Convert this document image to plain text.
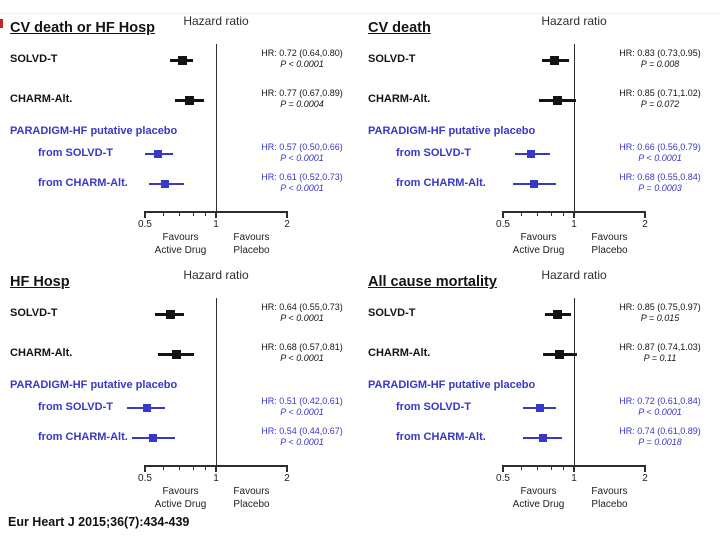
CV death or HF Hosp Hazard ratio
0.5	1	2
Favours
Active Drug
Favours
Placebo
SOLVD-T	HR: 0.72 (0.64,0.80)
P < 0.0001
CHARM-Alt.	HR: 0.77 (0.67,0.89)
P = 0.0004
PARADIGM-HF putative placebo
from SOLVD-T	HR: 0.57 (0.50,0.66)
P < 0.0001
from CHARM-Alt.	HR: 0.61 (0.52,0.73)
P < 0.0001
CV death	Hazard ratio
0.5	1	2
Favours
Active Drug
Favours
Placebo
SOLVD-T	HR: 0.83 (0.73,0.95)
P = 0.008
CHARM-Alt.	HR: 0.85 (0.71,1.02)
P = 0.072
PARADIGM-HF putative placebo
from SOLVD-T	HR: 0.66 (0.56,0.79)
P < 0.0001
from CHARM-Alt.	HR: 0.68 (0.55,0.84)
P = 0.0003
HF Hosp	Hazard ratio
0.5	1	2
Favours
Active Drug
Favours
Placebo
SOLVD-T	HR: 0.64 (0.55,0.73)
P < 0.0001
CHARM-Alt.	HR: 0.68 (0.57,0.81)
P < 0.0001
PARADIGM-HF putative placebo
from SOLVD-T	HR: 0.51 (0.42,0.61)
P < 0.0001
from CHARM-Alt.	HR: 0.54 (0.44,0.67)
P < 0.0001
All cause mortality	Hazard ratio
0.5	1	2
Favours
Active Drug
Favours
Placebo
SOLVD-T	HR: 0.85 (0.75,0.97)
P = 0.015
CHARM-Alt.	HR: 0.87 (0.74,1.03)
P = 0.11
PARADIGM-HF putative placebo
from SOLVD-T	HR: 0.72 (0.61,0.84)
P < 0.0001
from CHARM-Alt.	HR: 0.74 (0.61,0.89)
P = 0.0018
Eur Heart J 2015;36(7):434-439
